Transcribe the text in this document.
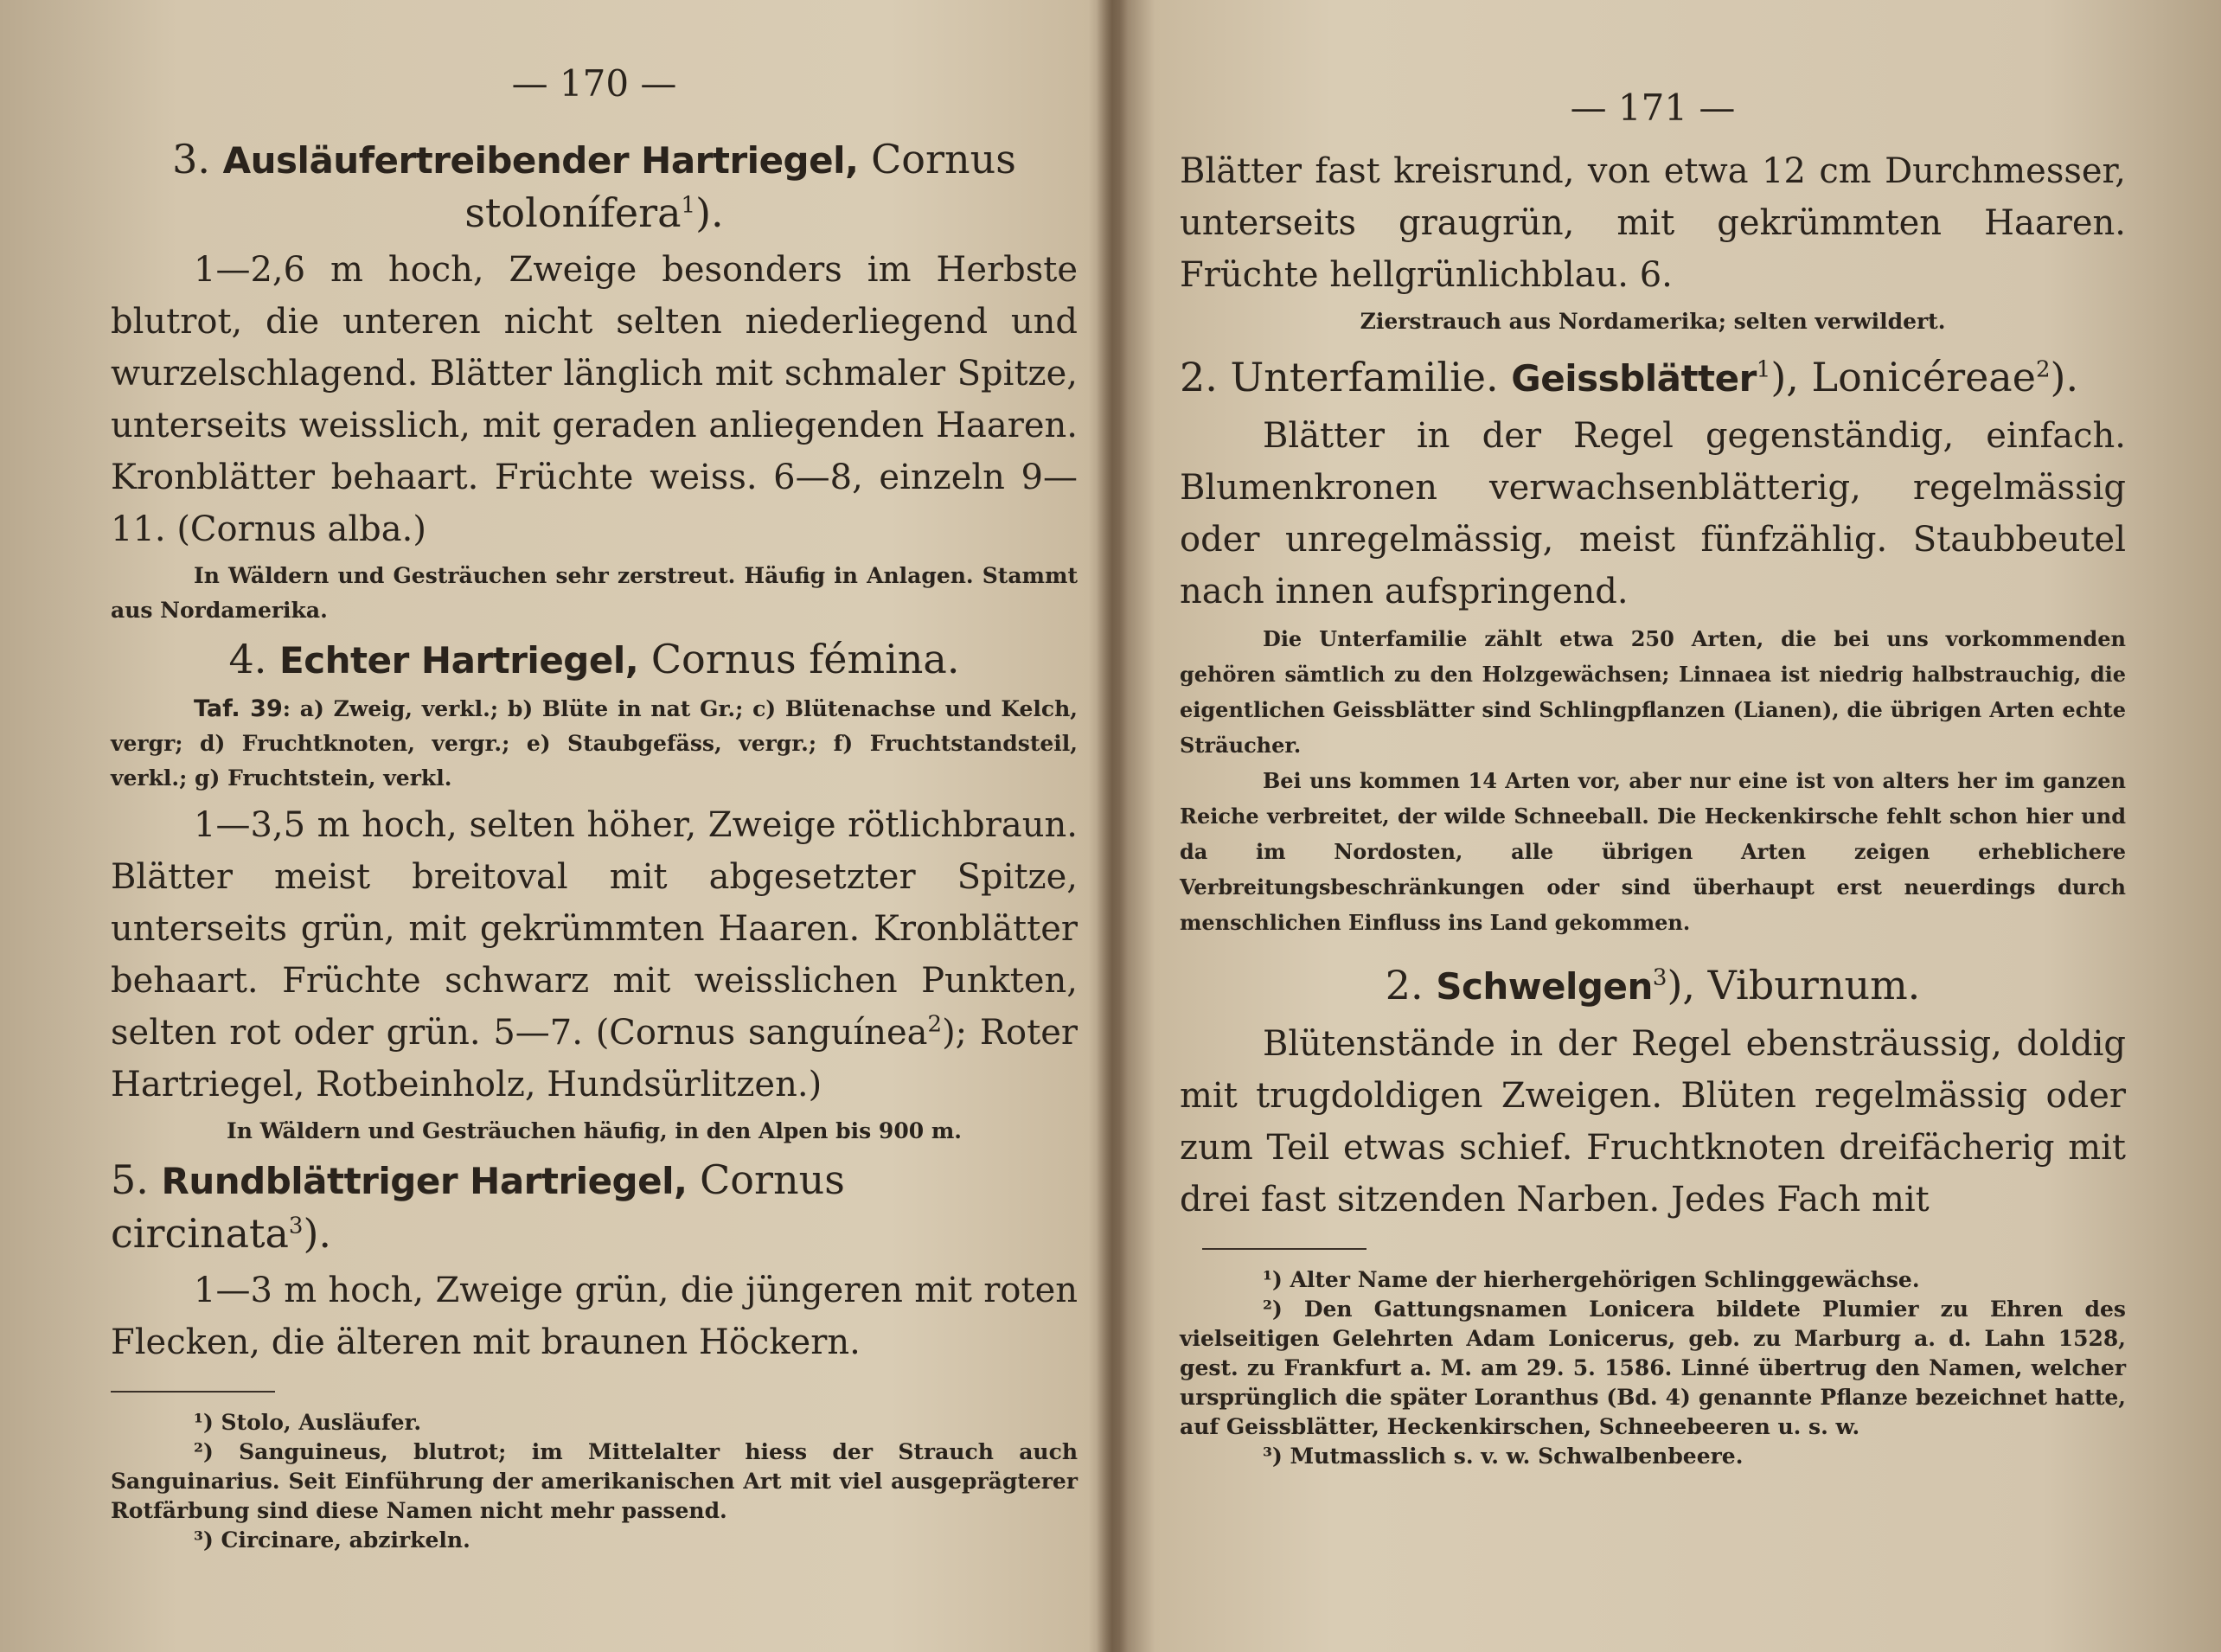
— 170 —
3. Ausläufertreibender Hartriegel, Cornus stolonífera$^1$).

1—2,6 m hoch, Zweige besonders im Herbste blutrot, die unteren nicht selten niederliegend und wurzelschlagend. Blätter länglich mit schmaler Spitze, unterseits weisslich, mit geraden anliegenden Haaren. Kronblätter behaart. Früchte weiss. 6—8, einzeln 9—11. (Cornus alba.)

In Wäldern und Gesträuchen sehr zerstreut. Häufig in Anlagen. Stammt aus Nordamerika.

4. Echter Hartriegel, Cornus fémina.

Taf. 39: a) Zweig, verkl.; b) Blüte in nat Gr.; c) Blütenachse und Kelch, vergr; d) Fruchtknoten, vergr.; e) Staubgefäss, vergr.; f) Fruchtstandsteil, verkl.; g) Fruchtstein, verkl.

1—3,5 m hoch, selten höher, Zweige rötlichbraun. Blätter meist breitoval mit abgesetzter Spitze, unterseits grün, mit gekrümmten Haaren. Kronblätter behaart. Früchte schwarz mit weisslichen Punkten, selten rot oder grün. 5—7. (Cornus sanguínea$^2$); Roter Hartriegel, Rotbeinholz, Hundsürlitzen.)

In Wäldern und Gesträuchen häufig, in den Alpen bis 900 m.

5. Rundblättriger Hartriegel, Cornus circinata$^3$).

1—3 m hoch, Zweige grün, die jüngeren mit roten Flecken, die älteren mit braunen Höckern.

¹) Stolo, Ausläufer.

²) Sanguineus, blutrot; im Mittelalter hiess der Strauch auch Sanguinarius. Seit Einführung der amerikanischen Art mit viel ausgeprägterer Rotfärbung sind diese Namen nicht mehr passend.

³) Circinare, abzirkeln.

— 171 —

Blätter fast kreisrund, von etwa 12 cm Durchmesser, unterseits graugrün, mit gekrümmten Haaren. Früchte hellgrünlichblau. 6.

Zierstrauch aus Nordamerika; selten verwildert.

2. Unterfamilie. Geissblätter$^1$), Lonicéreae$^2$).

Blätter in der Regel gegenständig, einfach. Blumenkronen verwachsenblätterig, regelmässig oder unregelmässig, meist fünfzählig. Staubbeutel nach innen aufspringend.

Die Unterfamilie zählt etwa 250 Arten, die bei uns vorkommenden gehören sämtlich zu den Holzgewächsen; Linnaea ist niedrig halbstrauchig, die eigentlichen Geissblätter sind Schlingpflanzen (Lianen), die übrigen Arten echte Sträucher.

Bei uns kommen 14 Arten vor, aber nur eine ist von alters her im ganzen Reiche verbreitet, der wilde Schneeball. Die Heckenkirsche fehlt schon hier und da im Nordosten, alle übrigen Arten zeigen erheblichere Verbreitungsbeschränkungen oder sind überhaupt erst neuerdings durch menschlichen Einfluss ins Land gekommen.

2. Schwelgen$^3$), Viburnum.

Blütenstände in der Regel ebensträussig, doldig mit trugdoldigen Zweigen. Blüten regelmässig oder zum Teil etwas schief. Fruchtknoten dreifächerig mit drei fast sitzenden Narben. Jedes Fach mit

¹) Alter Name der hierhergehörigen Schlinggewächse.

²) Den Gattungsnamen Lonicera bildete Plumier zu Ehren des vielseitigen Gelehrten Adam Lonicerus, geb. zu Marburg a. d. Lahn 1528, gest. zu Frankfurt a. M. am 29. 5. 1586. Linné übertrug den Namen, welcher ursprünglich die später Loranthus (Bd. 4) genannte Pflanze bezeichnet hatte, auf Geissblätter, Heckenkirschen, Schneebeeren u. s. w.

³) Mutmasslich s. v. w. Schwalbenbeere.
